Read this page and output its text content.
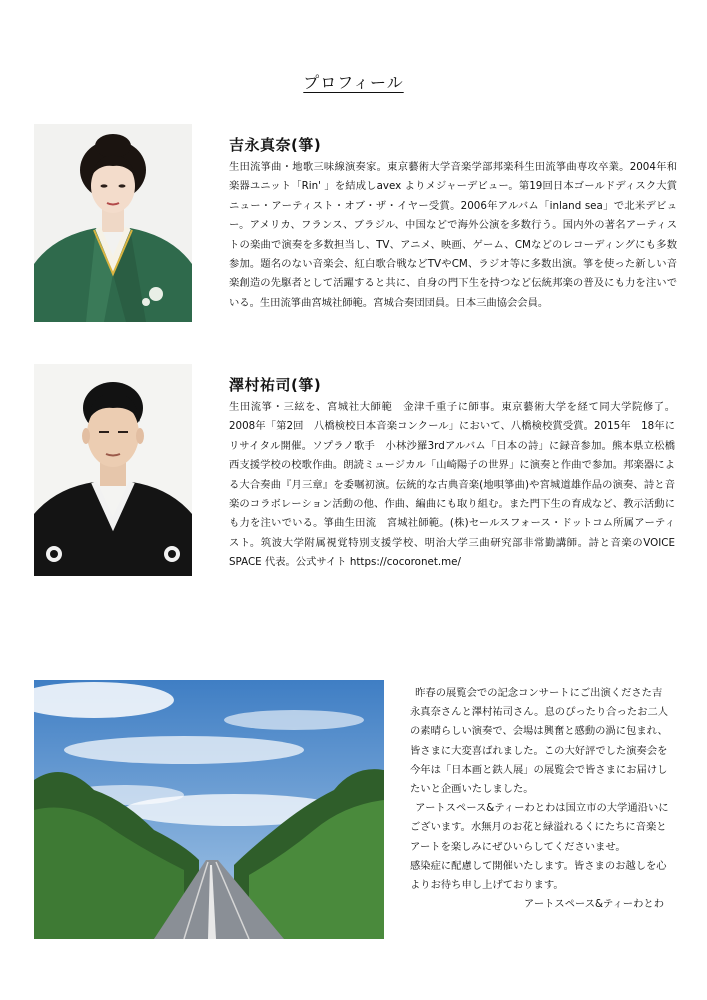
プロフィール
吉永真奈(箏)

生田流箏曲・地歌三味線演奏家。東京藝術大学音楽学部邦楽科生田流箏曲専攻卒業。2004年和楽器ユニット「Rin' 」を結成しavex よりメジャーデビュー。第19回日本ゴールドディスク大賞 ニュー・アーティスト・オブ・ザ・イヤー受賞。2006年アルバム「inland sea」で北米デビュー。アメリカ、フランス、ブラジル、中国などで海外公演を多数行う。国内外の著名アーティストの楽曲で演奏を多数担当し、TV、アニメ、映画、ゲーム、CMなどのレコーディングにも多数参加。題名のない音楽会、紅白歌合戦などTVやCM、ラジオ等に多数出演。箏を使った新しい音楽創造の先駆者として活躍すると共に、自身の門下生を持つなど伝統邦楽の普及にも力を注いでいる。生田流箏曲宮城社師範。宮城合奏団団員。日本三曲協会会員。

澤村祐司(箏)

生田流箏・三絃を、宮城社大師範　金津千重子に師事。東京藝術大学を経て同大学院修了。2008年「第2回　八橋検校日本音楽コンクール」において、八橋検校賞受賞。2015年　18年にリサイタル開催。ソプラノ歌手　小林沙羅3rdアルバム「日本の詩」に録音参加。熊本県立松橋西支援学校の校歌作曲。朗読ミュージカル「山崎陽子の世界」に演奏と作曲で参加。邦楽器による大合奏曲『月三章』を委嘱初演。伝統的な古典音楽(地唄箏曲)や宮城道雄作品の演奏、詩と音楽のコラボレーション活動の他、作曲、編曲にも取り組む。また門下生の育成など、教示活動にも力を注いでいる。箏曲生田流　宮城社師範。(株)セールスフォース・ドットコム所属アーティスト。筑波大学附属視覚特別支援学校、明治大学三曲研究部非常勤講師。詩と音楽のVOICE SPACE 代表。公式サイト https://cocoronet.me/

昨春の展覧会での記念コンサートにご出演くださた吉永真奈さんと澤村祐司さん。息のぴったり合ったお二人の素晴らしい演奏で、会場は興奮と感動の渦に包まれ、皆さまに大変喜ばれました。この大好評でした演奏会を今年は「日本画と鉄人展」の展覧会で皆さまにお届けしたいと企画いたしました。

アートスペース&ティーわとわは国立市の大学通沿いにございます。水無月のお花と緑溢れるくにたちに音楽とアートを楽しみにぜひいらしてくださいませ。

感染症に配慮して開催いたします。皆さまのお越しを心よりお待ち申し上げております。

アートスペース&ティーわとわ
